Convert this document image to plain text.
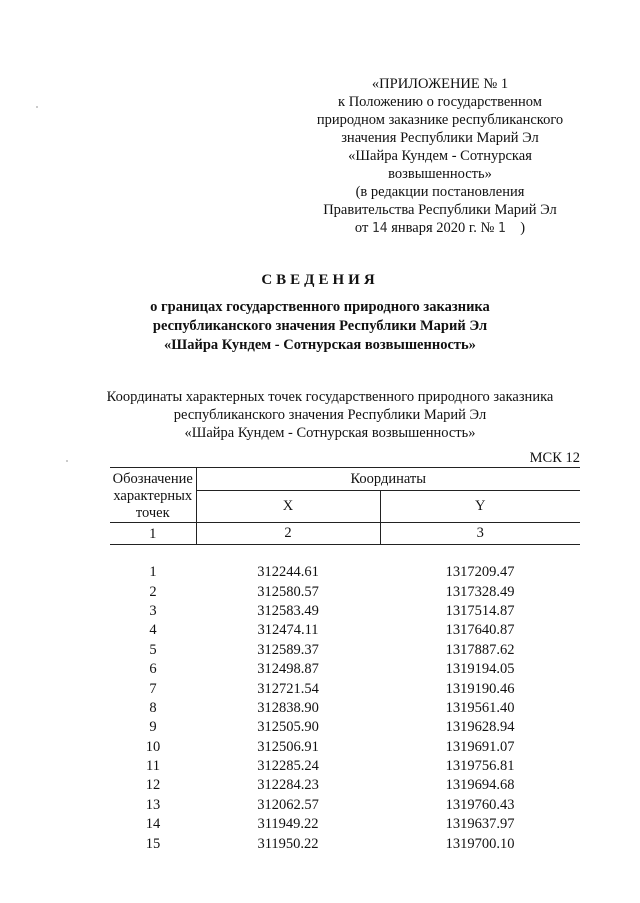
«ПРИЛОЖЕНИЕ № 1
к Положению о государственном
природном заказнике республиканского
значения Республики Марий Эл
«Шайра Кундем - Сотнурская
возвышенность»
(в редакции постановления
Правительства Республики Марий Эл
от 14 января 2020 г. № 1 )
СВЕДЕНИЯ
о границах государственного природного заказника
республиканского значения Республики Марий Эл
«Шайра Кундем - Сотнурская возвышенность»
Координаты характерных точек государственного природного заказника
республиканского значения Республики Марий Эл
«Шайра Кундем - Сотнурская возвышенность»
МСК 12
Обозначение
характерных
точек	Координаты	
	X	Y
1	2	3

1	312244.61	1317209.47
2	312580.57	1317328.49
3	312583.49	1317514.87
4	312474.11	1317640.87
5	312589.37	1317887.62
6	312498.87	1319194.05
7	312721.54	1319190.46
8	312838.90	1319561.40
9	312505.90	1319628.94
10	312506.91	1319691.07
11	312285.24	1319756.81
12	312284.23	1319694.68
13	312062.57	1319760.43
14	311949.22	1319637.97
15	311950.22	1319700.10
